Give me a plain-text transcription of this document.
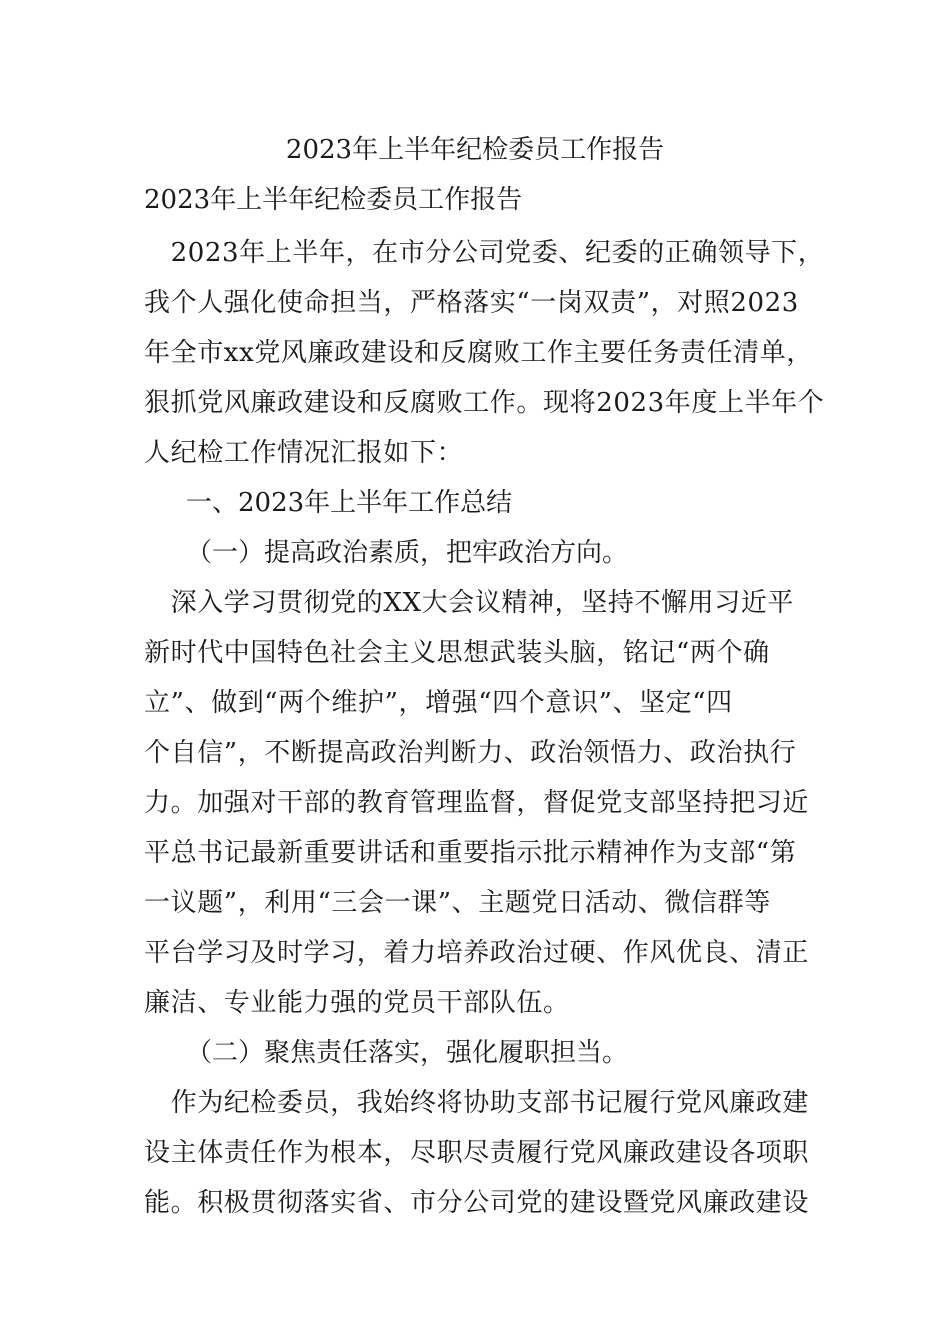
2023年上半年纪检委员工作报告
2023年上半年纪检委员工作报告
　2023年上半年，在市分公司党委、纪委的正确领导下，
我个人强化使命担当，严格落实“一岗双责”，对照2023
年全市xx党风廉政建设和反腐败工作主要任务责任清单，
狠抓党风廉政建设和反腐败工作。现将2023年度上半年个
人纪检工作情况汇报如下：
一、2023年上半年工作总结
（一）提高政治素质，把牢政治方向。
　深入学习贯彻党的XX大会议精神，坚持不懈用习近平
新时代中国特色社会主义思想武装头脑，铭记“两个确
立”、做到“两个维护”，增强“四个意识”、坚定“四
个自信”，不断提高政治判断力、政治领悟力、政治执行
力。加强对干部的教育管理监督，督促党支部坚持把习近
平总书记最新重要讲话和重要指示批示精神作为支部“第
一议题”，利用“三会一课”、主题党日活动、微信群等
平台学习及时学习，着力培养政治过硬、作风优良、清正
廉洁、专业能力强的党员干部队伍。
（二）聚焦责任落实，强化履职担当。
　作为纪检委员，我始终将协助支部书记履行党风廉政建
设主体责任作为根本，尽职尽责履行党风廉政建设各项职
能。积极贯彻落实省、市分公司党的建设暨党风廉政建设
